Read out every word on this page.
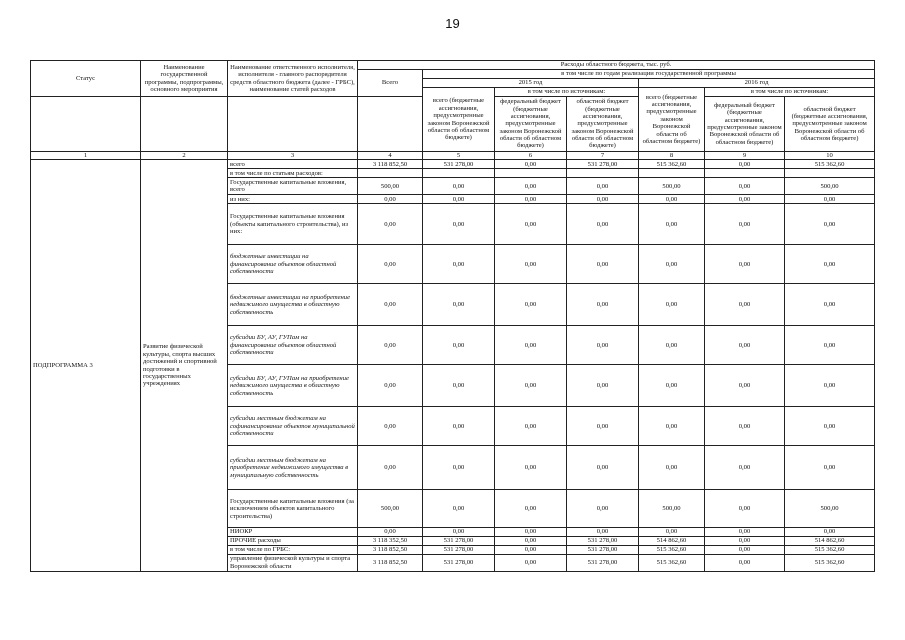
19
Статус	Наименование государственной программы, подпрограммы, основного мероприятия	Наименование ответственного исполнителя, исполнителя - главного распорядителя средств областного бюджета (далее - ГРБС), наименование статей расходов	Расходы областного бюджета, тыс. руб.						
			Всего	в том числе по годам реализации государственной программы					
				2015 год			2016 год		
				всего (бюджетные ассигнования, предусмотренные законом Воронежской области об областном бюджете)	в том числе по источникам:		всего (бюджетные ассигнования, предусмотренные законом Воронежской области об областном бюджете)	в том числе по источникам:	
					федеральный бюджет (бюджетные ассигнования, предусмотренные законом Воронежской области об областном бюджете)	областной бюджет (бюджетные ассигнования, предусмотренные законом Воронежской области об областном бюджете)		федеральный бюджет (бюджетные ассигнования, предусмотренные законом Воронежской области об областном бюджете)	областной бюджет (бюджетные ассигнования, предусмотренные законом Воронежской области об областном бюджете)
1	2	3	4	5	6	7	8	9	10
ПОДПРОГРАММА 3	Развитие физической культуры, спорта высших достижений и спортивной подготовки в государственных учреждениях	всего	3 118 852,50	531 278,00	0,00	531 278,00	515 362,60	0,00	515 362,60
		в том числе по статьям расходов:							
		Государственные капитальные вложения, всего	500,00	0,00	0,00	0,00	500,00	0,00	500,00
		из них:	0,00	0,00	0,00	0,00	0,00	0,00	0,00
		Государственные капитальные вложения (объекты капитального строительства), из них:	0,00	0,00	0,00	0,00	0,00	0,00	0,00
		бюджетные инвестиции на финансирование объектов областной собственности	0,00	0,00	0,00	0,00	0,00	0,00	0,00
		бюджетные инвестиции на приобретение недвижимого имущества в областную собственность	0,00	0,00	0,00	0,00	0,00	0,00	0,00
		субсидии БУ, АУ, ГУПам на финансирование объектов областной собственности	0,00	0,00	0,00	0,00	0,00	0,00	0,00
		субсидии БУ, АУ, ГУПам на приобретение недвижимого имущества в областную собственность	0,00	0,00	0,00	0,00	0,00	0,00	0,00
		субсидии местным бюджетам на софинансирование объектов муниципальной собственности	0,00	0,00	0,00	0,00	0,00	0,00	0,00
		субсидии местным бюджетам на приобретение недвижимого имущества в муниципальную собственность	0,00	0,00	0,00	0,00	0,00	0,00	0,00
		Государственные капитальные вложения (за исключением объектов капитального строительства)	500,00	0,00	0,00	0,00	500,00	0,00	500,00
		НИОКР	0,00	0,00	0,00	0,00	0,00	0,00	0,00
		ПРОЧИЕ расходы	3 118 352,50	531 278,00	0,00	531 278,00	514 862,60	0,00	514 862,60
		в том числе по ГРБС:	3 118 852,50	531 278,00	0,00	531 278,00	515 362,60	0,00	515 362,60
		управление физической культуры и спорта Воронежской области	3 118 852,50	531 278,00	0,00	531 278,00	515 362,60	0,00	515 362,60
